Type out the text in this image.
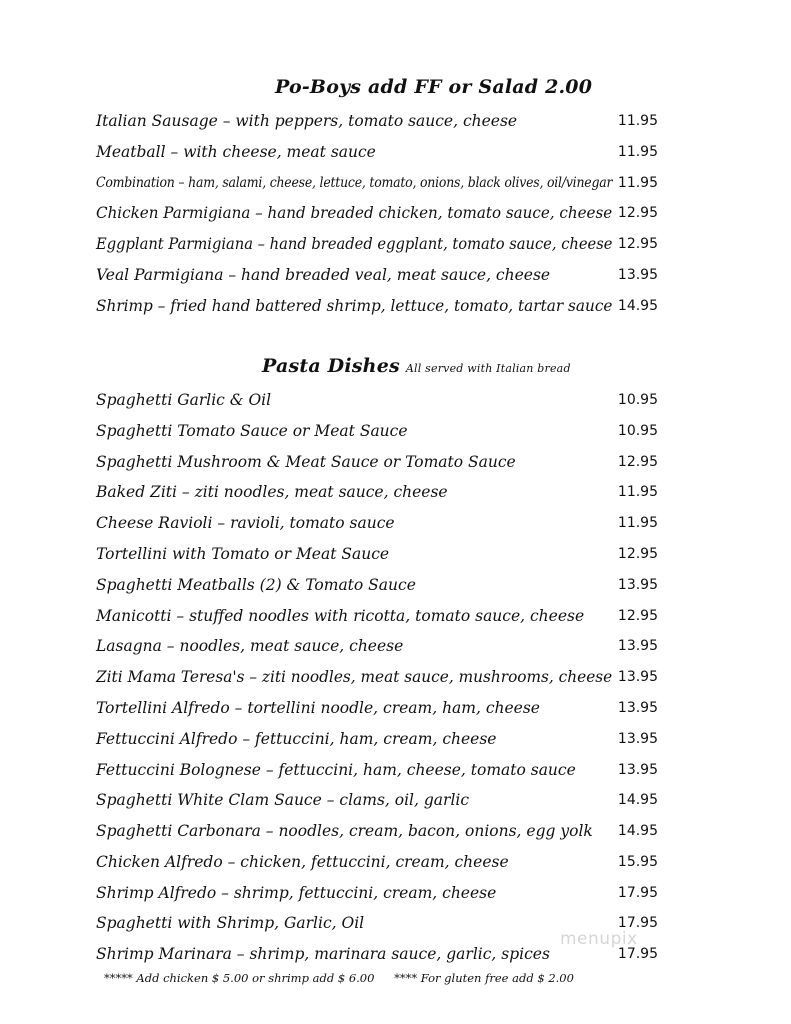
Po-Boys add FF or Salad 2.00
Italian Sausage – with peppers, tomato sauce, cheese	11.95
Meatball – with cheese, meat sauce	11.95
Combination – ham, salami, cheese, lettuce, tomato, onions, black olives, oil/vinegar 11.95
Chicken Parmigiana – hand breaded chicken, tomato sauce, cheese 12.95
Eggplant Parmigiana – hand breaded eggplant, tomato sauce, cheese 12.95
Veal Parmigiana – hand breaded veal, meat sauce, cheese	13.95
Shrimp – fried hand battered shrimp, lettuce, tomato, tartar sauce 14.95
Pasta Dishes All served with Italian bread
Spaghetti Garlic & Oil	10.95
Spaghetti Tomato Sauce or Meat Sauce	10.95
Spaghetti Mushroom & Meat Sauce or Tomato Sauce	12.95
Baked Ziti – ziti noodles, meat sauce, cheese	11.95
Cheese Ravioli – ravioli, tomato sauce	11.95
Tortellini with Tomato or Meat Sauce	12.95
Spaghetti Meatballs (2) & Tomato Sauce	13.95
Manicotti – stuffed noodles with ricotta, tomato sauce, cheese 12.95
Lasagna – noodles, meat sauce, cheese	13.95
Ziti Mama Teresa's – ziti noodles, meat sauce, mushrooms, cheese 13.95
Tortellini Alfredo – tortellini noodle, cream, ham, cheese	13.95
Fettuccini Alfredo – fettuccini, ham, cream, cheese	13.95
Fettuccini Bolognese – fettuccini, ham, cheese, tomato sauce	13.95
Spaghetti White Clam Sauce – clams, oil, garlic	14.95
Spaghetti Carbonara – noodles, cream, bacon, onions, egg yolk 14.95
Chicken Alfredo – chicken, fettuccini, cream, cheese	15.95
Shrimp Alfredo – shrimp, fettuccini, cream, cheese	17.95
Spaghetti with Shrimp, Garlic, Oil	17.95
Shrimp Marinara – shrimp, marinara sauce, garlic, spices	17.95
menupix
***** Add chicken $ 5.00 or shrimp add $ 6.00 **** For gluten free add $ 2.00
